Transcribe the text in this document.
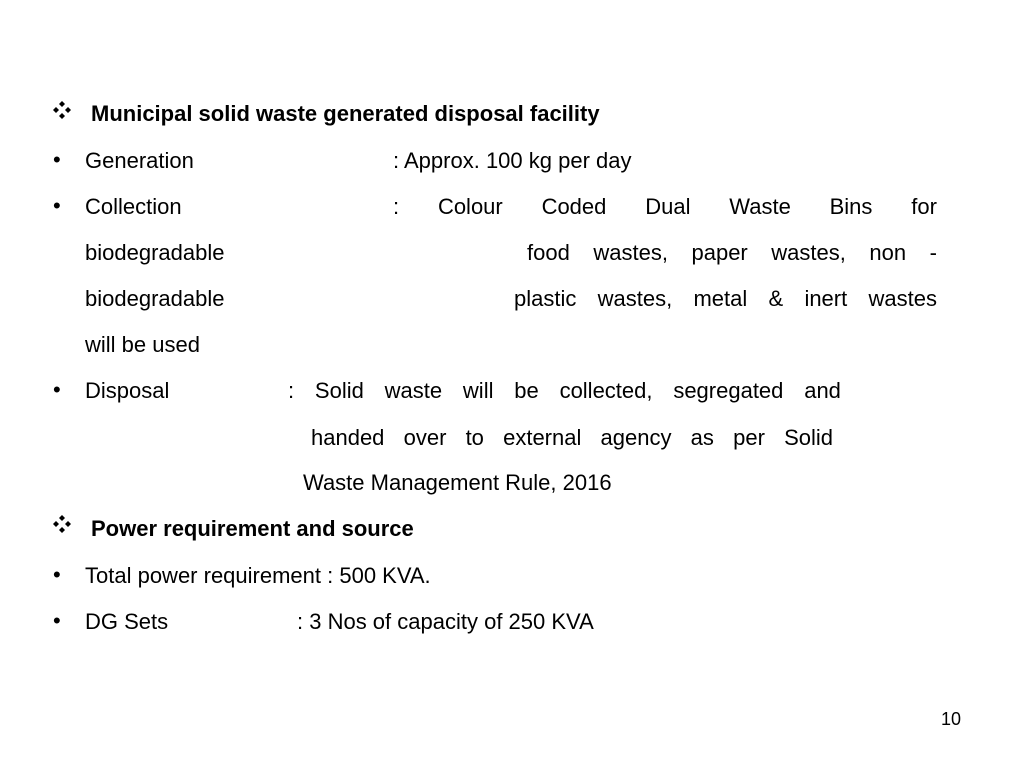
Municipal solid waste generated disposal facility
• Generation	: Approx. 100 kg per day
• Collection	: Colour Coded Dual Waste Bins for
biodegradable	food wastes, paper wastes, non -
biodegradable	plastic wastes, metal & inert wastes
will be used
• Disposal	: Solid waste will be collected, segregated and
handed over to external agency as per Solid
Waste Management Rule, 2016
Power requirement and source
• Total power requirement : 500 KVA.
• DG Sets	: 3 Nos of capacity of 250 KVA
10
